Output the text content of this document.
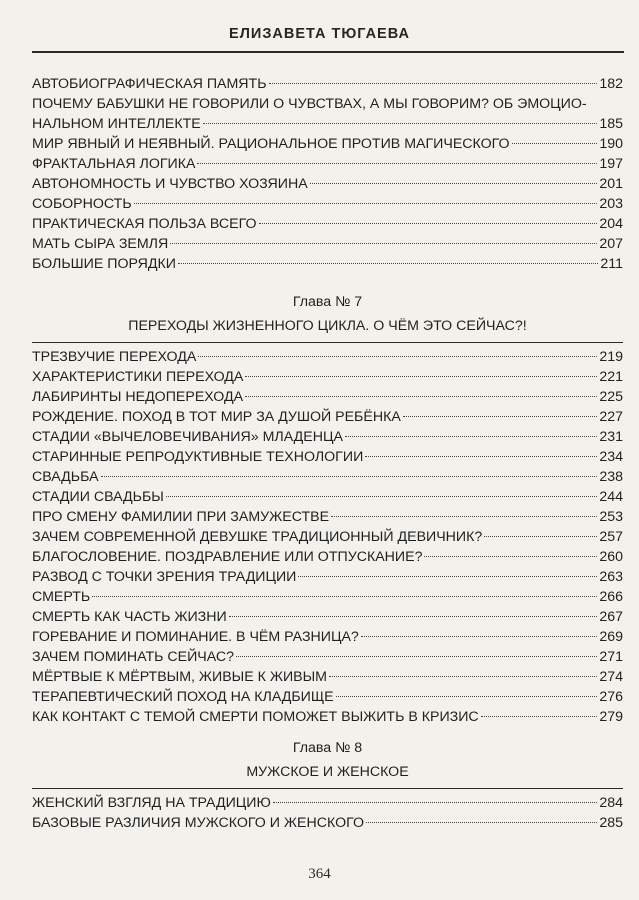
ЕЛИЗАВЕТА ТЮГАЕВА
АВТОБИОГРАФИЧЕСКАЯ ПАМЯТЬ	182
ПОЧЕМУ БАБУШКИ НЕ ГОВОРИЛИ О ЧУВСТВАХ, А МЫ ГОВОРИМ? ОБ ЭМОЦИО-
НАЛЬНОМ ИНТЕЛЛЕКТЕ	185
МИР ЯВНЫЙ И НЕЯВНЫЙ. РАЦИОНАЛЬНОЕ ПРОТИВ МАГИЧЕСКОГО	190
ФРАКТАЛЬНАЯ ЛОГИКА	197
АВТОНОМНОСТЬ И ЧУВСТВО ХОЗЯИНА	201
СОБОРНОСТЬ	203
ПРАКТИЧЕСКАЯ ПОЛЬЗА ВСЕГО	204
МАТЬ СЫРА ЗЕМЛЯ	207
БОЛЬШИЕ ПОРЯДКИ	211
Глава № 7
ПЕРЕХОДЫ ЖИЗНЕННОГО ЦИКЛА. О ЧЁМ ЭТО СЕЙЧАС?!
ТРЕЗВУЧИЕ ПЕРЕХОДА	219
ХАРАКТЕРИСТИКИ ПЕРЕХОДА	221
ЛАБИРИНТЫ НЕДОПЕРЕХОДА	225
РОЖДЕНИЕ. ПОХОД В ТОТ МИР ЗА ДУШОЙ РЕБЁНКА	227
СТАДИИ «ВЫЧЕЛОВЕЧИВАНИЯ» МЛАДЕНЦА	231
СТАРИННЫЕ РЕПРОДУКТИВНЫЕ ТЕХНОЛОГИИ	234
СВАДЬБА	238
СТАДИИ СВАДЬБЫ	244
ПРО СМЕНУ ФАМИЛИИ ПРИ ЗАМУЖЕСТВЕ	253
ЗАЧЕМ СОВРЕМЕННОЙ ДЕВУШКЕ ТРАДИЦИОННЫЙ ДЕВИЧНИК?	257
БЛАГОСЛОВЕНИЕ. ПОЗДРАВЛЕНИЕ ИЛИ ОТПУСКАНИЕ?	260
РАЗВОД С ТОЧКИ ЗРЕНИЯ ТРАДИЦИИ	263
СМЕРТЬ	266
СМЕРТЬ КАК ЧАСТЬ ЖИЗНИ	267
ГОРЕВАНИЕ И ПОМИНАНИЕ. В ЧЁМ РАЗНИЦА?	269
ЗАЧЕМ ПОМИНАТЬ СЕЙЧАС?	271
МЁРТВЫЕ К МЁРТВЫМ, ЖИВЫЕ К ЖИВЫМ	274
ТЕРАПЕВТИЧЕСКИЙ ПОХОД НА КЛАДБИЩЕ	276
КАК КОНТАКТ С ТЕМОЙ СМЕРТИ ПОМОЖЕТ ВЫЖИТЬ В КРИЗИС	279
Глава № 8
МУЖСКОЕ И ЖЕНСКОЕ
ЖЕНСКИЙ ВЗГЛЯД НА ТРАДИЦИЮ	284
БАЗОВЫЕ РАЗЛИЧИЯ МУЖСКОГО И ЖЕНСКОГО	285
364
